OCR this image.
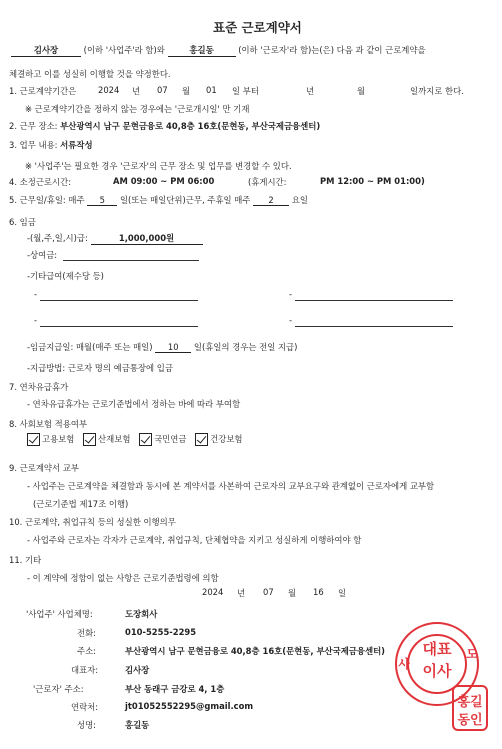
표준 근로계약서
김사장	(이하 '사업주'라 함)와	홍길동	(이하 '근로자'라 함)는(은) 다음 과 같이 근로계약을
체결하고 이를 성실히 이행할 것을 약정한다.
1. 근로계약기간은	2024 년 07 월 01 일 부터	년	월	일까지로 한다.
※ 근로계약기간을 정하지 않는 경우에는 '근로개시일' 만 기재
2. 근무 장소: 부산광역시 남구 문현금융로 40,8층 16호(문현동, 부산국제금융센터)
3. 업무 내용: 서류작성
※ '사업주'는 필요한 경우 '근로자'의 근무 장소 및 업무를 변경할 수 있다.
4. 소정근로시간:	AM 09:00 ~ PM 06:00	(휴게시간:	PM 12:00 ~ PM 01:00)
5. 근무일/휴일: 매주 5 일(또는 매일단위)근무, 주휴일 매주 2 요일
6. 임금
-(월,주,일,시)급:	1,000,000원
-상여금:
-기타급여(제수당 등)
-	-
-	-
-임금지급일: 매월(매주 또는 매일) 10 일(휴일의 경우는 전일 지급)
-지급방법: 근로자 명의 예금통장에 입금
7. 연차유급휴가
- 연차유급휴가는 근로기준법에서 정하는 바에 따라 부여함
8. 사회보험 적용여부
고용보험	산재보험	국민연금	건강보험
9. 근로계약서 교부
- 사업주는 근로계약을 체결함과 동시에 본 계약서를 사본하여 근로자의 교부요구와 관계없이 근로자에게 교부함
(근로기준법 제17조 이행)
10. 근로계약, 취업규칙 등의 성실한 이행의무
- 사업주와 근로자는 각자가 근로계약, 취업규칙, 단체협약을 지키고 성실하게 이행하여야 함
11. 기타
- 이 계약에 정함이 없는 사항은 근로기준법령에 의함
2024 년 07 월 16 일
'사업주' 사업체명:	도장회사
전화:	010-5255-2295
주소:	부산광역시 남구 문현금융로 40,8층 16호(문현동, 부산국제금융센터)
대표자:	김사장
'근로자' 주소:	부산 동래구 금강로 4, 1층
연락처:	jt01052552295@gmail.com
성명:	홍길동
대표
이사
사
도
홍길
동인
